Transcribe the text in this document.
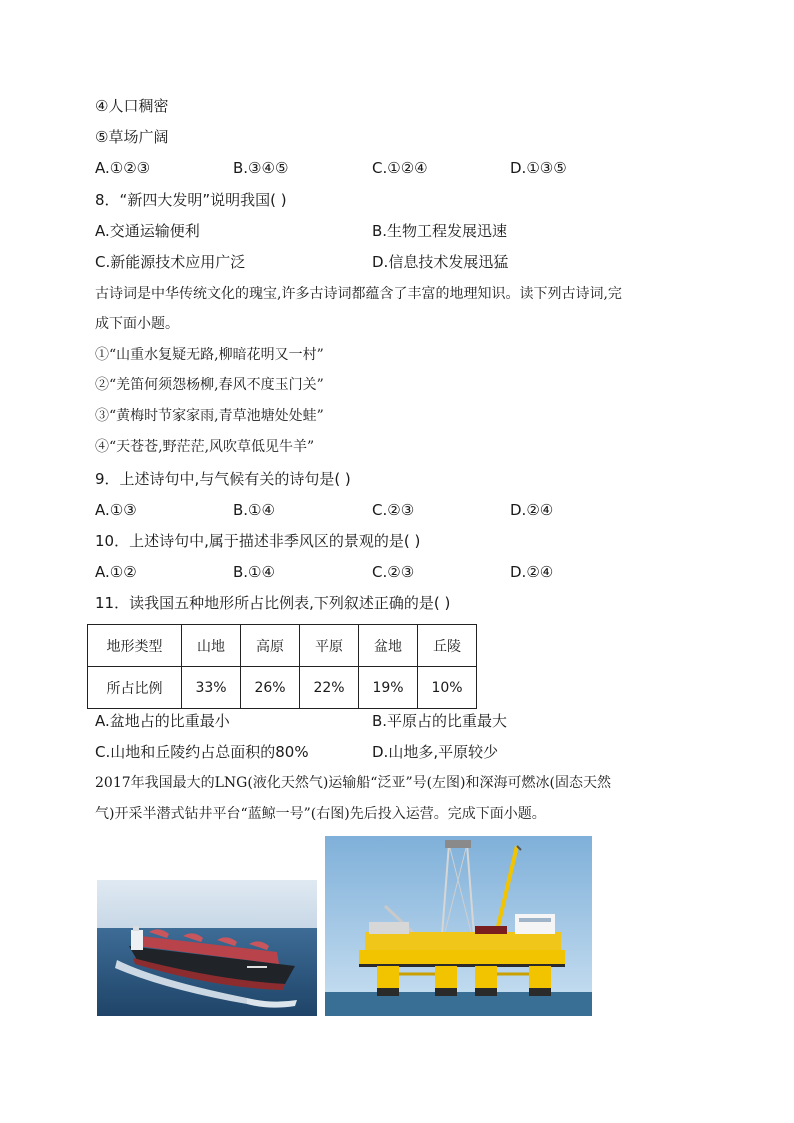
④人口稠密
⑤草场广阔
A.①②③	B.③④⑤	C.①②④	D.①③⑤
8．“新四大发明”说明我国( )
A.交通运输便利	B.生物工程发展迅速
C.新能源技术应用广泛	D.信息技术发展迅猛
古诗词是中华传统文化的瑰宝,许多古诗词都蕴含了丰富的地理知识。读下列古诗词,完
成下面小题。
①“山重水复疑无路,柳暗花明又一村”
②“羌笛何须怨杨柳,春风不度玉门关”
③“黄梅时节家家雨,青草池塘处处蛙”
④“天苍苍,野茫茫,风吹草低见牛羊”
9．上述诗句中,与气候有关的诗句是( )
A.①③	B.①④	C.②③	D.②④
10．上述诗句中,属于描述非季风区的景观的是( )
A.①②	B.①④	C.②③	D.②④
11．读我国五种地形所占比例表,下列叙述正确的是( )
地形类型	山地	高原	平原	盆地	丘陵
所占比例	33%	26%	22%	19%	10%
A.盆地占的比重最小	B.平原占的比重最大
C.山地和丘陵约占总面积的80%	D.山地多,平原较少
2017年我国最大的LNG(液化天然气)运输船“泛亚”号(左图)和深海可燃冰(固态天然
气)开采半潜式钻井平台“蓝鲸一号”(右图)先后投入运营。完成下面小题。
